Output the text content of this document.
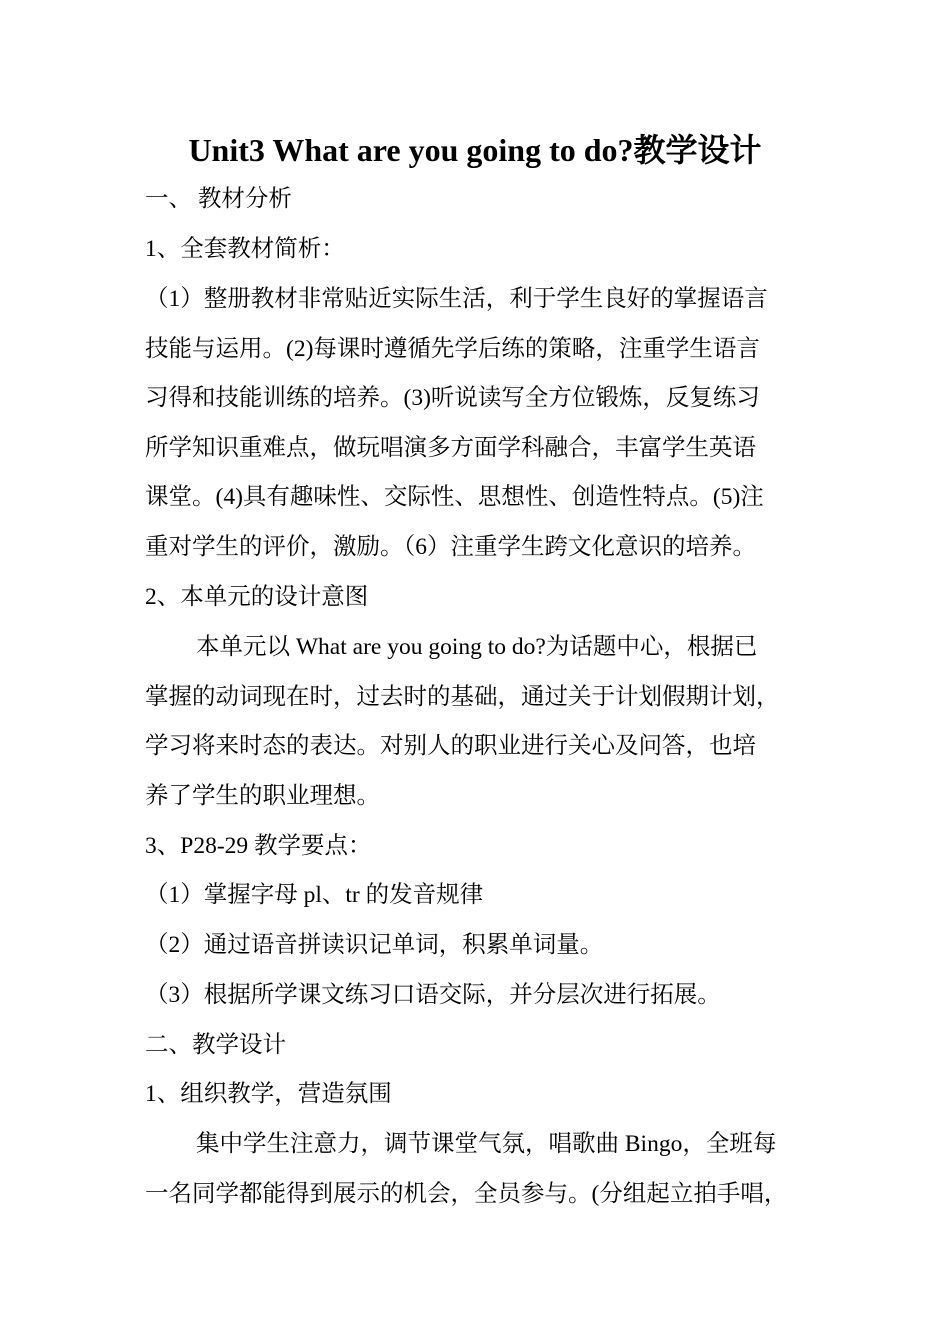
Unit3 What are you going to do?教学设计
一、 教材分析
1、全套教材简析：
（1）整册教材非常贴近实际生活，利于学生良好的掌握语言
技能与运用。(2)每课时遵循先学后练的策略，注重学生语言
习得和技能训练的培养。(3)听说读写全方位锻炼，反复练习
所学知识重难点，做玩唱演多方面学科融合，丰富学生英语
课堂。(4)具有趣味性、交际性、思想性、创造性特点。(5)注
重对学生的评价，激励。（6）注重学生跨文化意识的培养。
2、本单元的设计意图
本单元以 What are you going to do?为话题中心，根据已
掌握的动词现在时，过去时的基础，通过关于计划假期计划，
学习将来时态的表达。对别人的职业进行关心及问答，也培
养了学生的职业理想。
3、P28-29 教学要点：
（1）掌握字母 pl、tr 的发音规律
（2）通过语音拼读识记单词，积累单词量。
（3）根据所学课文练习口语交际，并分层次进行拓展。
二、教学设计
1、组织教学，营造氛围
集中学生注意力，调节课堂气氛，唱歌曲 Bingo，全班每
一名同学都能得到展示的机会，全员参与。(分组起立拍手唱，
